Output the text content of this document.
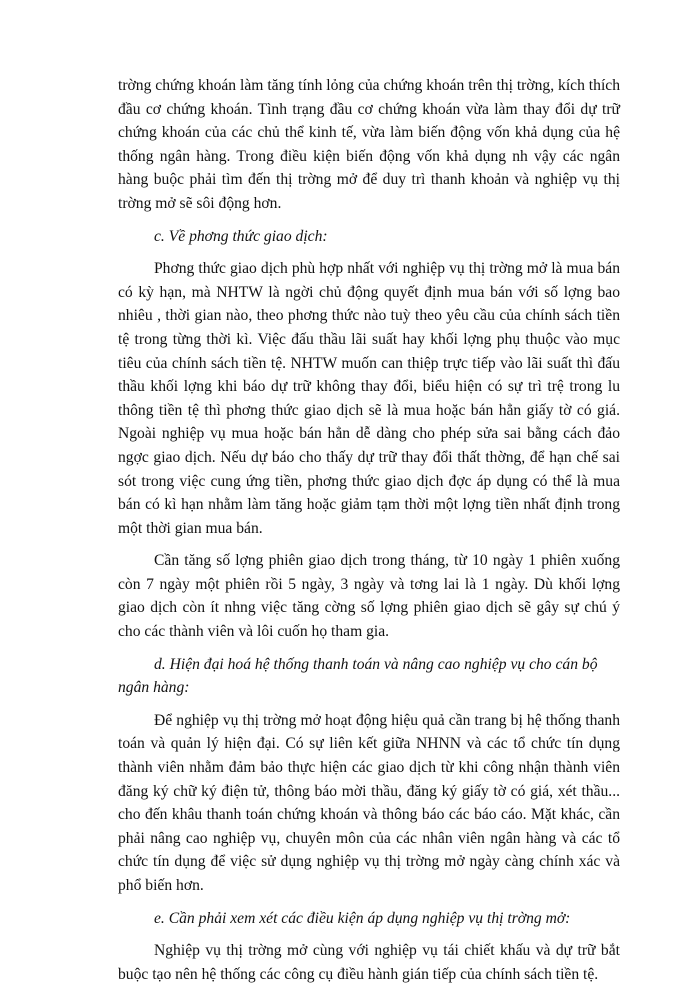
trờng chứng khoán làm tăng tính lỏng của chứng khoán trên thị trờng, kích thích đầu cơ chứng khoán. Tình trạng đầu cơ chứng khoán vừa làm thay đổi dự trữ chứng khoán của các chủ thể kinh tế, vừa làm biến động vốn khả dụng của hệ thống ngân hàng. Trong điều kiện biến động vốn khả dụng nh vậy các ngân hàng buộc phải tìm đến thị trờng mở để duy trì thanh khoản và nghiệp vụ thị trờng mở sẽ sôi động hơn.

c. Về phơng thức giao dịch:

Phơng thức giao dịch phù hợp nhất với nghiệp vụ thị trờng mở là mua bán có kỳ hạn, mà NHTW là ngời chủ động quyết định mua bán với số lợng bao nhiêu , thời gian nào, theo phơng thức nào tuỳ theo yêu cầu của chính sách tiền tệ trong từng thời kì. Việc đấu thầu lãi suất hay khối lợng phụ thuộc vào mục tiêu của chính sách tiền tệ. NHTW muốn can thiệp trực tiếp vào lãi suất thì đấu thầu khối lợng khi báo dự trữ không thay đổi, biểu hiện có sự trì trệ trong lu thông tiền tệ thì phơng thức giao dịch sẽ là mua hoặc bán hẳn giấy tờ có giá. Ngoài nghiệp vụ mua hoặc bán hẳn dễ dàng cho phép sửa sai bằng cách đảo ngợc giao dịch. Nếu dự báo cho thấy dự trữ thay đổi thất thờng, để hạn chế sai sót trong việc cung ứng tiền, phơng thức giao dịch đợc áp dụng có thể là mua bán có kì hạn nhằm làm tăng hoặc giảm tạm thời một lợng tiền nhất định trong một thời gian mua bán.

Cần tăng số lợng phiên giao dịch trong tháng, từ 10 ngày 1 phiên xuống còn 7 ngày một phiên rồi 5 ngày, 3 ngày và tơng lai là 1 ngày. Dù khối lợng giao dịch còn ít nhng việc tăng cờng số lợng phiên giao dịch sẽ gây sự chú ý cho các thành viên và lôi cuốn họ tham gia.

d. Hiện đại hoá hệ thống thanh toán và nâng cao nghiệp vụ cho cán bộ ngân hàng:

Để nghiệp vụ thị trờng mở hoạt động hiệu quả cần trang bị hệ thống thanh toán và quản lý hiện đại. Có sự liên kết giữa NHNN và các tổ chức tín dụng thành viên nhằm đảm bảo thực hiện các giao dịch từ khi công nhận thành viên đăng ký chữ ký điện tử, thông báo mời thầu, đăng ký giấy tờ có giá, xét thầu... cho đến khâu thanh toán chứng khoán và thông báo các báo cáo. Mặt khác, cần phải nâng cao nghiệp vụ, chuyên môn của các nhân viên ngân hàng và các tổ chức tín dụng để việc sử dụng nghiệp vụ thị trờng mở ngày càng chính xác và phổ biến hơn.

e. Cần phải xem xét các điều kiện áp dụng nghiệp vụ thị trờng mở:

Nghiệp vụ thị trờng mở cùng với nghiệp vụ tái chiết khấu và dự trữ bắt buộc tạo nên hệ thống các công cụ điều hành gián tiếp của chính sách tiền tệ.
